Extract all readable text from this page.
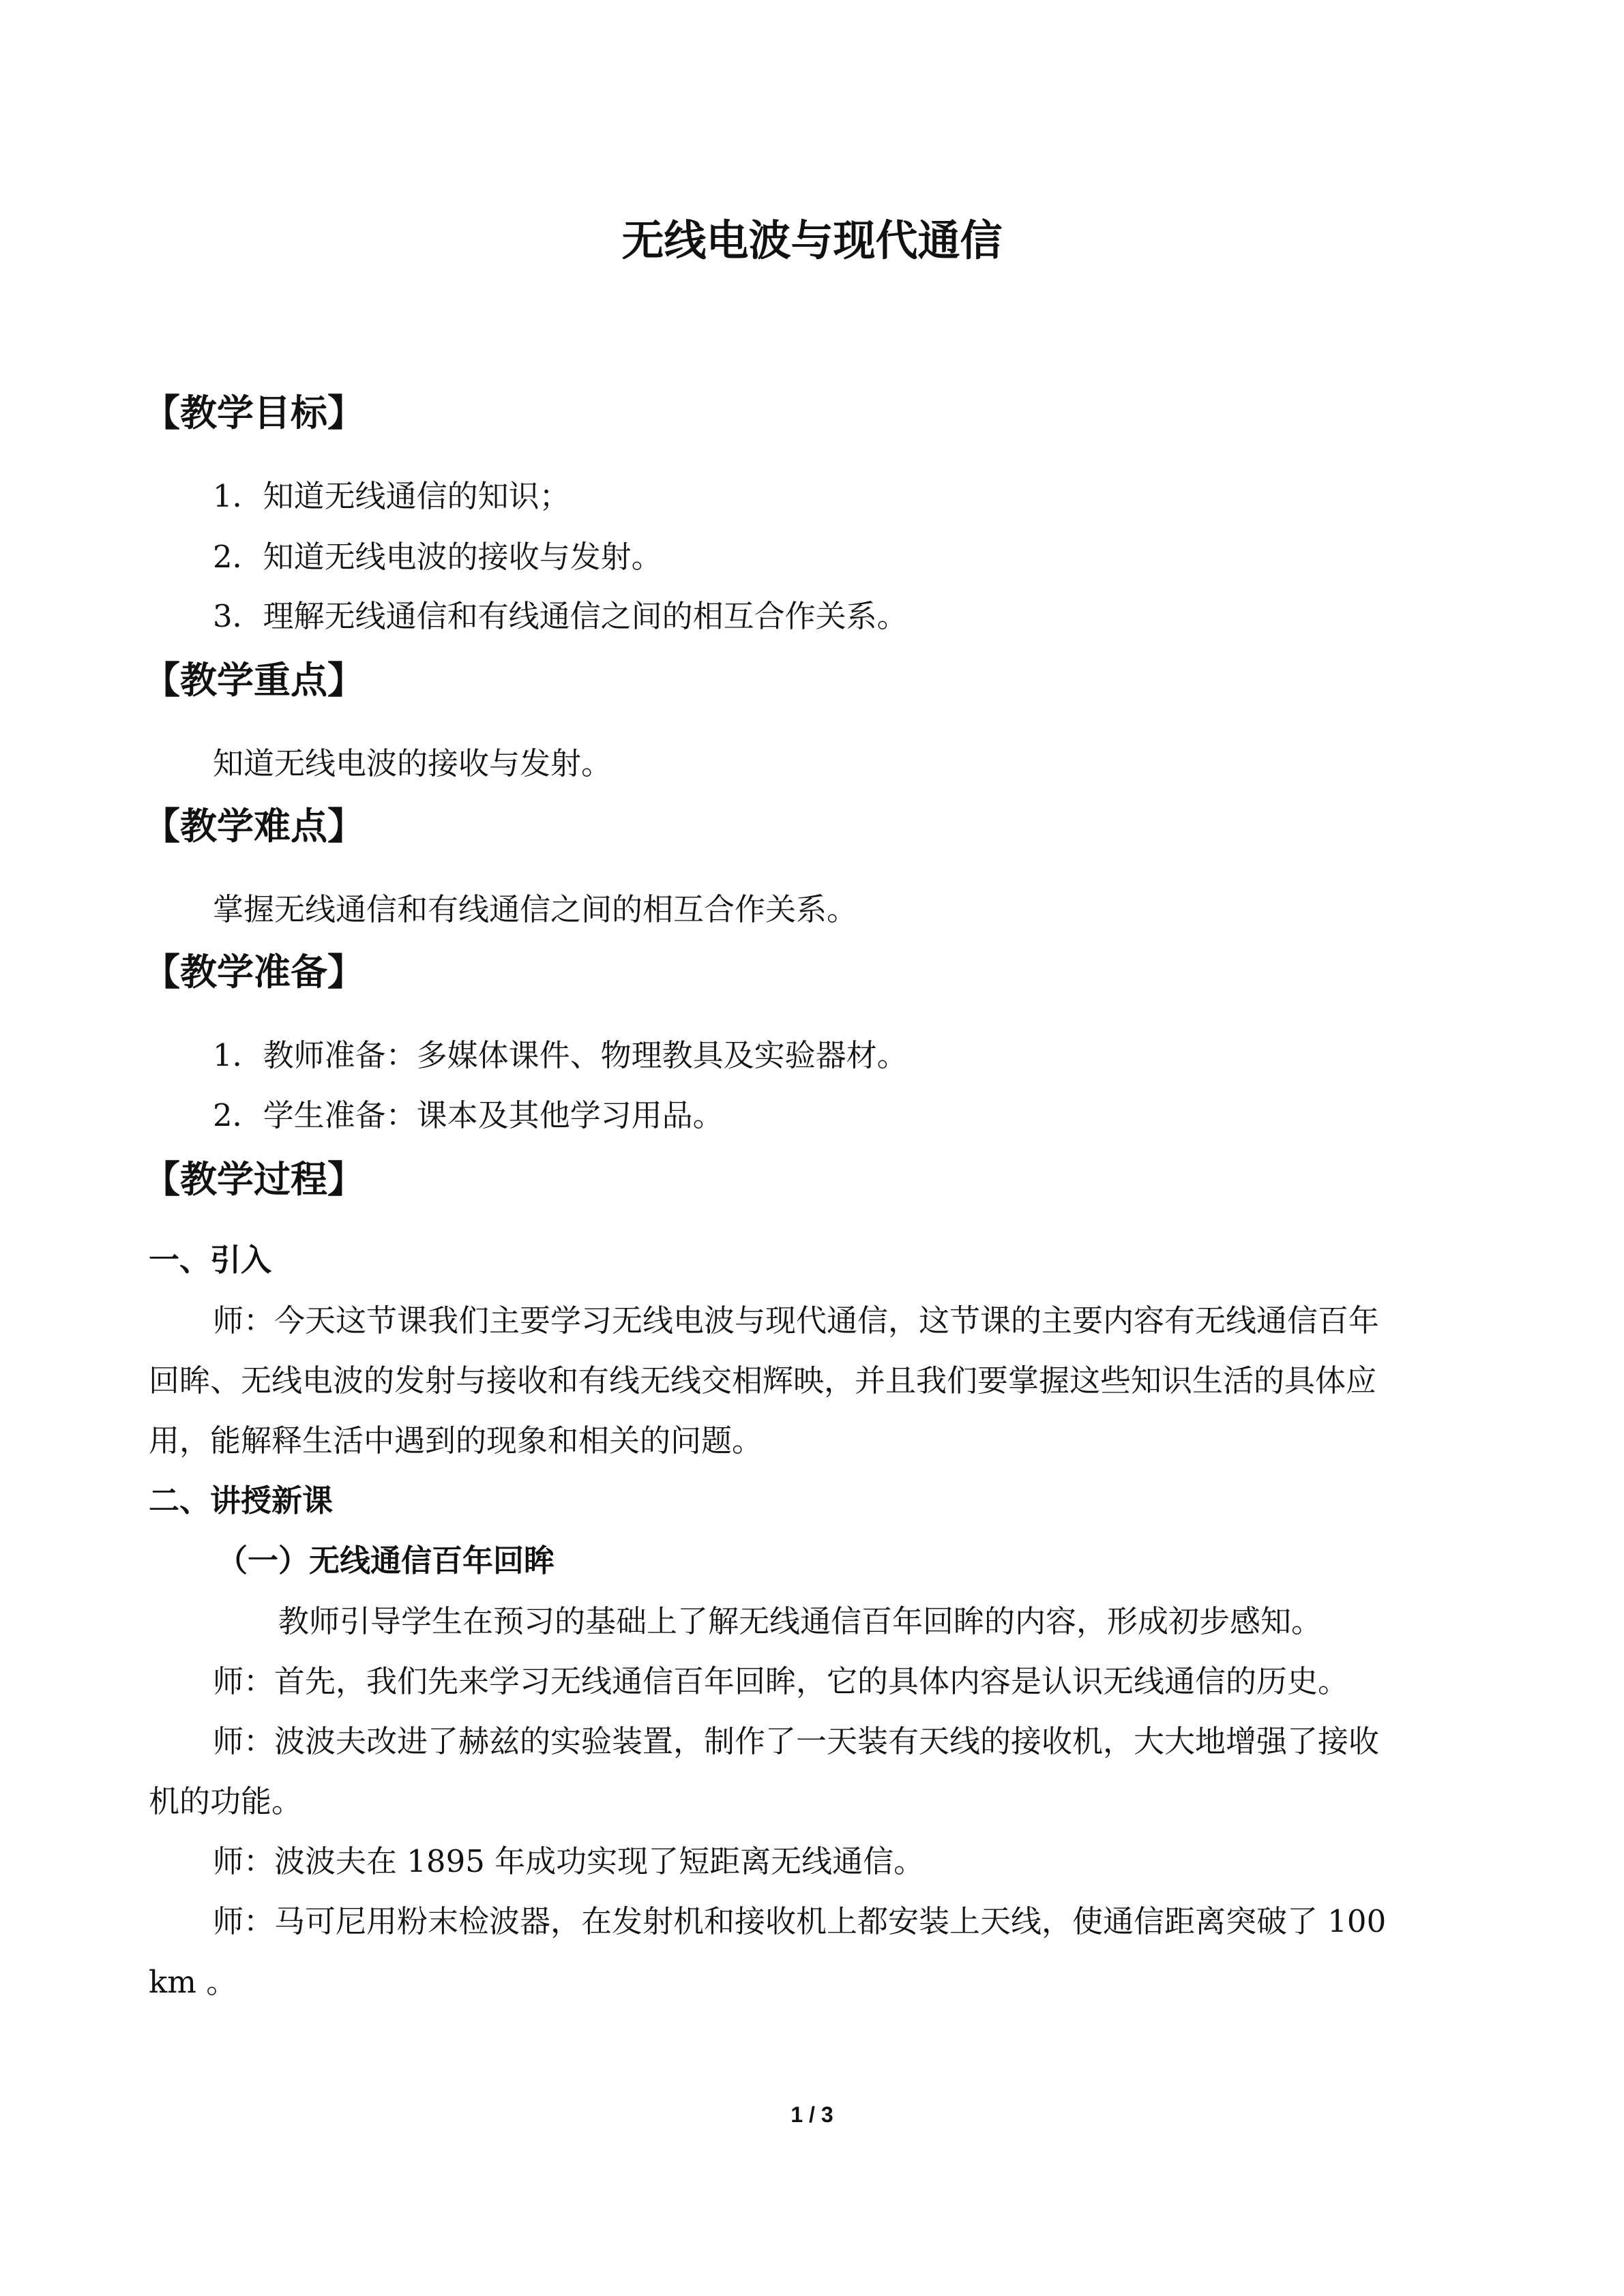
无线电波与现代通信
【教学目标】
1．知道无线通信的知识；
2．知道无线电波的接收与发射。
3．理解无线通信和有线通信之间的相互合作关系。
【教学重点】
知道无线电波的接收与发射。
【教学难点】
掌握无线通信和有线通信之间的相互合作关系。
【教学准备】
1．教师准备：多媒体课件、物理教具及实验器材。
2．学生准备：课本及其他学习用品。
【教学过程】
一、引入
师：今天这节课我们主要学习无线电波与现代通信，这节课的主要内容有无线通信百年
回眸、无线电波的发射与接收和有线无线交相辉映，并且我们要掌握这些知识生活的具体应
用，能解释生活中遇到的现象和相关的问题。
二、讲授新课
（一）无线通信百年回眸
教师引导学生在预习的基础上了解无线通信百年回眸的内容，形成初步感知。
师：首先，我们先来学习无线通信百年回眸，它的具体内容是认识无线通信的历史。
师：波波夫改进了赫兹的实验装置，制作了一天装有天线的接收机，大大地增强了接收
机的功能。
师：波波夫在 1895 年成功实现了短距离无线通信。
师：马可尼用粉末检波器，在发射机和接收机上都安装上天线，使通信距离突破了 100
km 。
1 / 3
